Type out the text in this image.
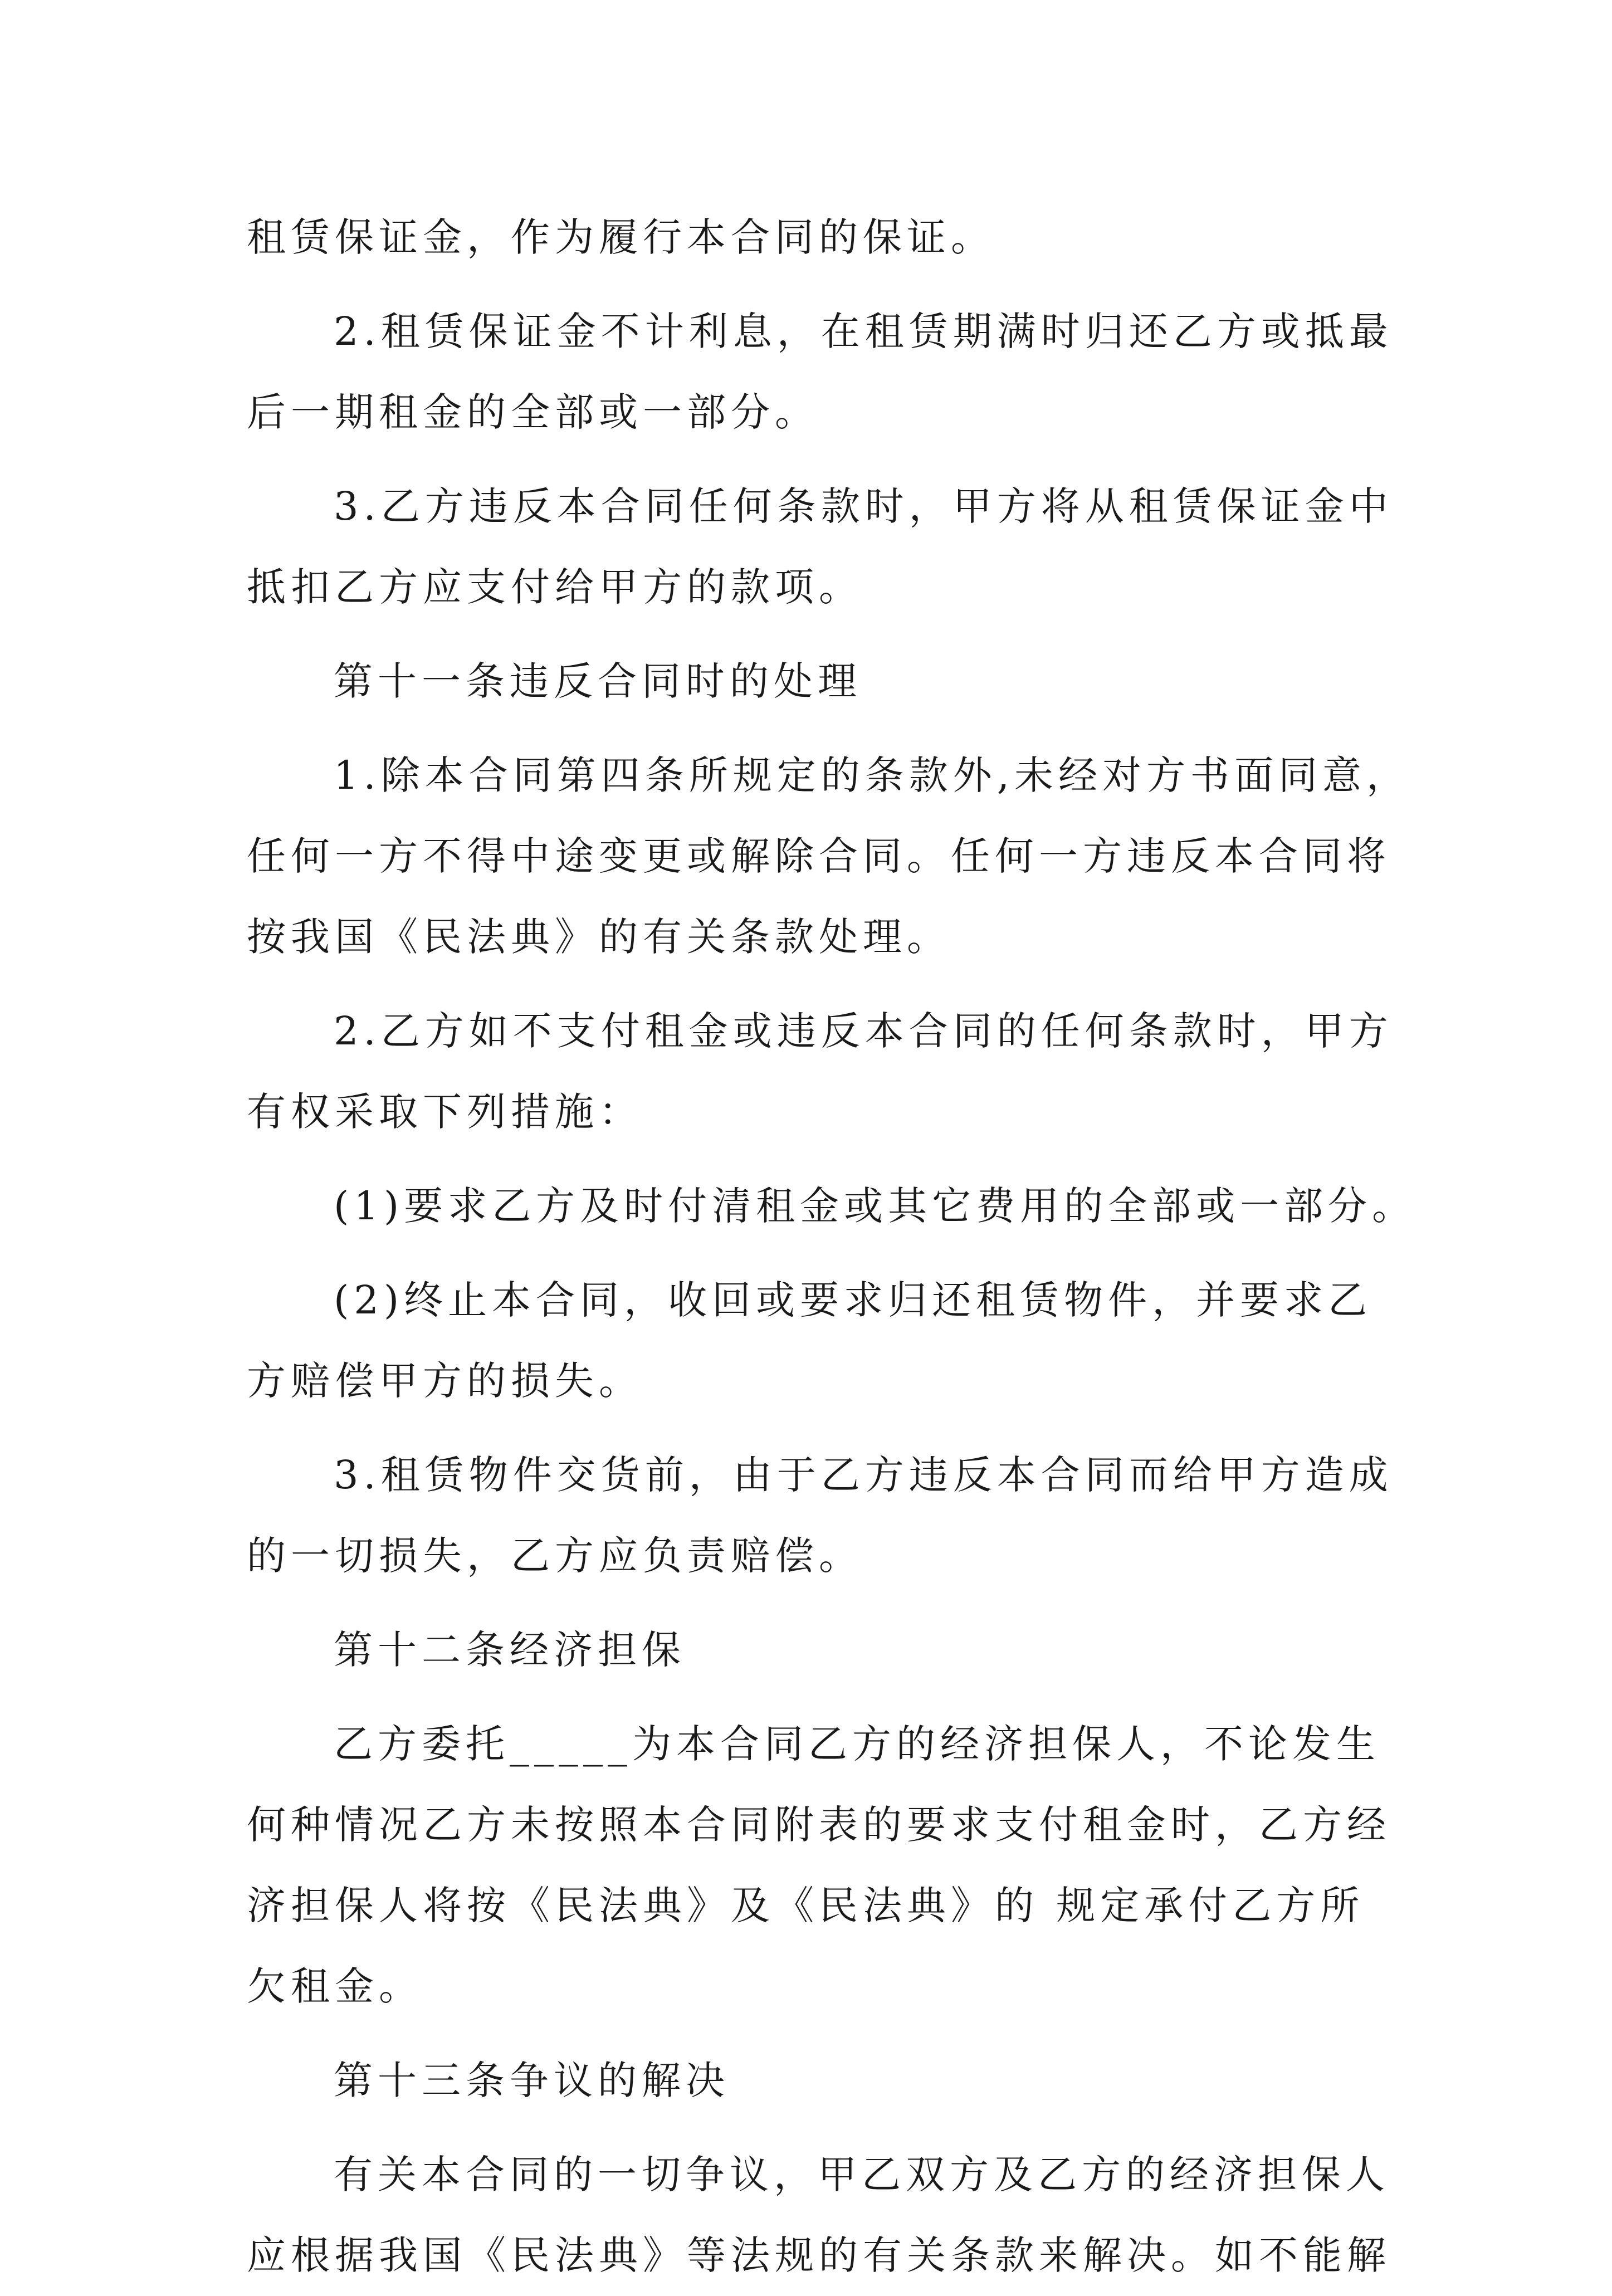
租赁保证金，作为履行本合同的保证。
2.租赁保证金不计利息，在租赁期满时归还乙方或抵最
后一期租金的全部或一部分。
3.乙方违反本合同任何条款时，甲方将从租赁保证金中
抵扣乙方应支付给甲方的款项。
第十一条违反合同时的处理
1.除本合同第四条所规定的条款外,未经对方书面同意，
任何一方不得中途变更或解除合同。任何一方违反本合同将
按我国《民法典》的有关条款处理。
2.乙方如不支付租金或违反本合同的任何条款时，甲方
有权采取下列措施：
(1)要求乙方及时付清租金或其它费用的全部或一部分。
(2)终止本合同，收回或要求归还租赁物件，并要求乙
方赔偿甲方的损失。
3.租赁物件交货前，由于乙方违反本合同而给甲方造成
的一切损失，乙方应负责赔偿。
第十二条经济担保
乙方委托_____为本合同乙方的经济担保人，不论发生
何种情况乙方未按照本合同附表的要求支付租金时，乙方经
济担保人将按《民法典》及《民法典》的 规定承付乙方所
欠租金。
第十三条争议的解决
有关本合同的一切争议，甲乙双方及乙方的经济担保人
应根据我国《民法典》等法规的有关条款来解决。如不能解
